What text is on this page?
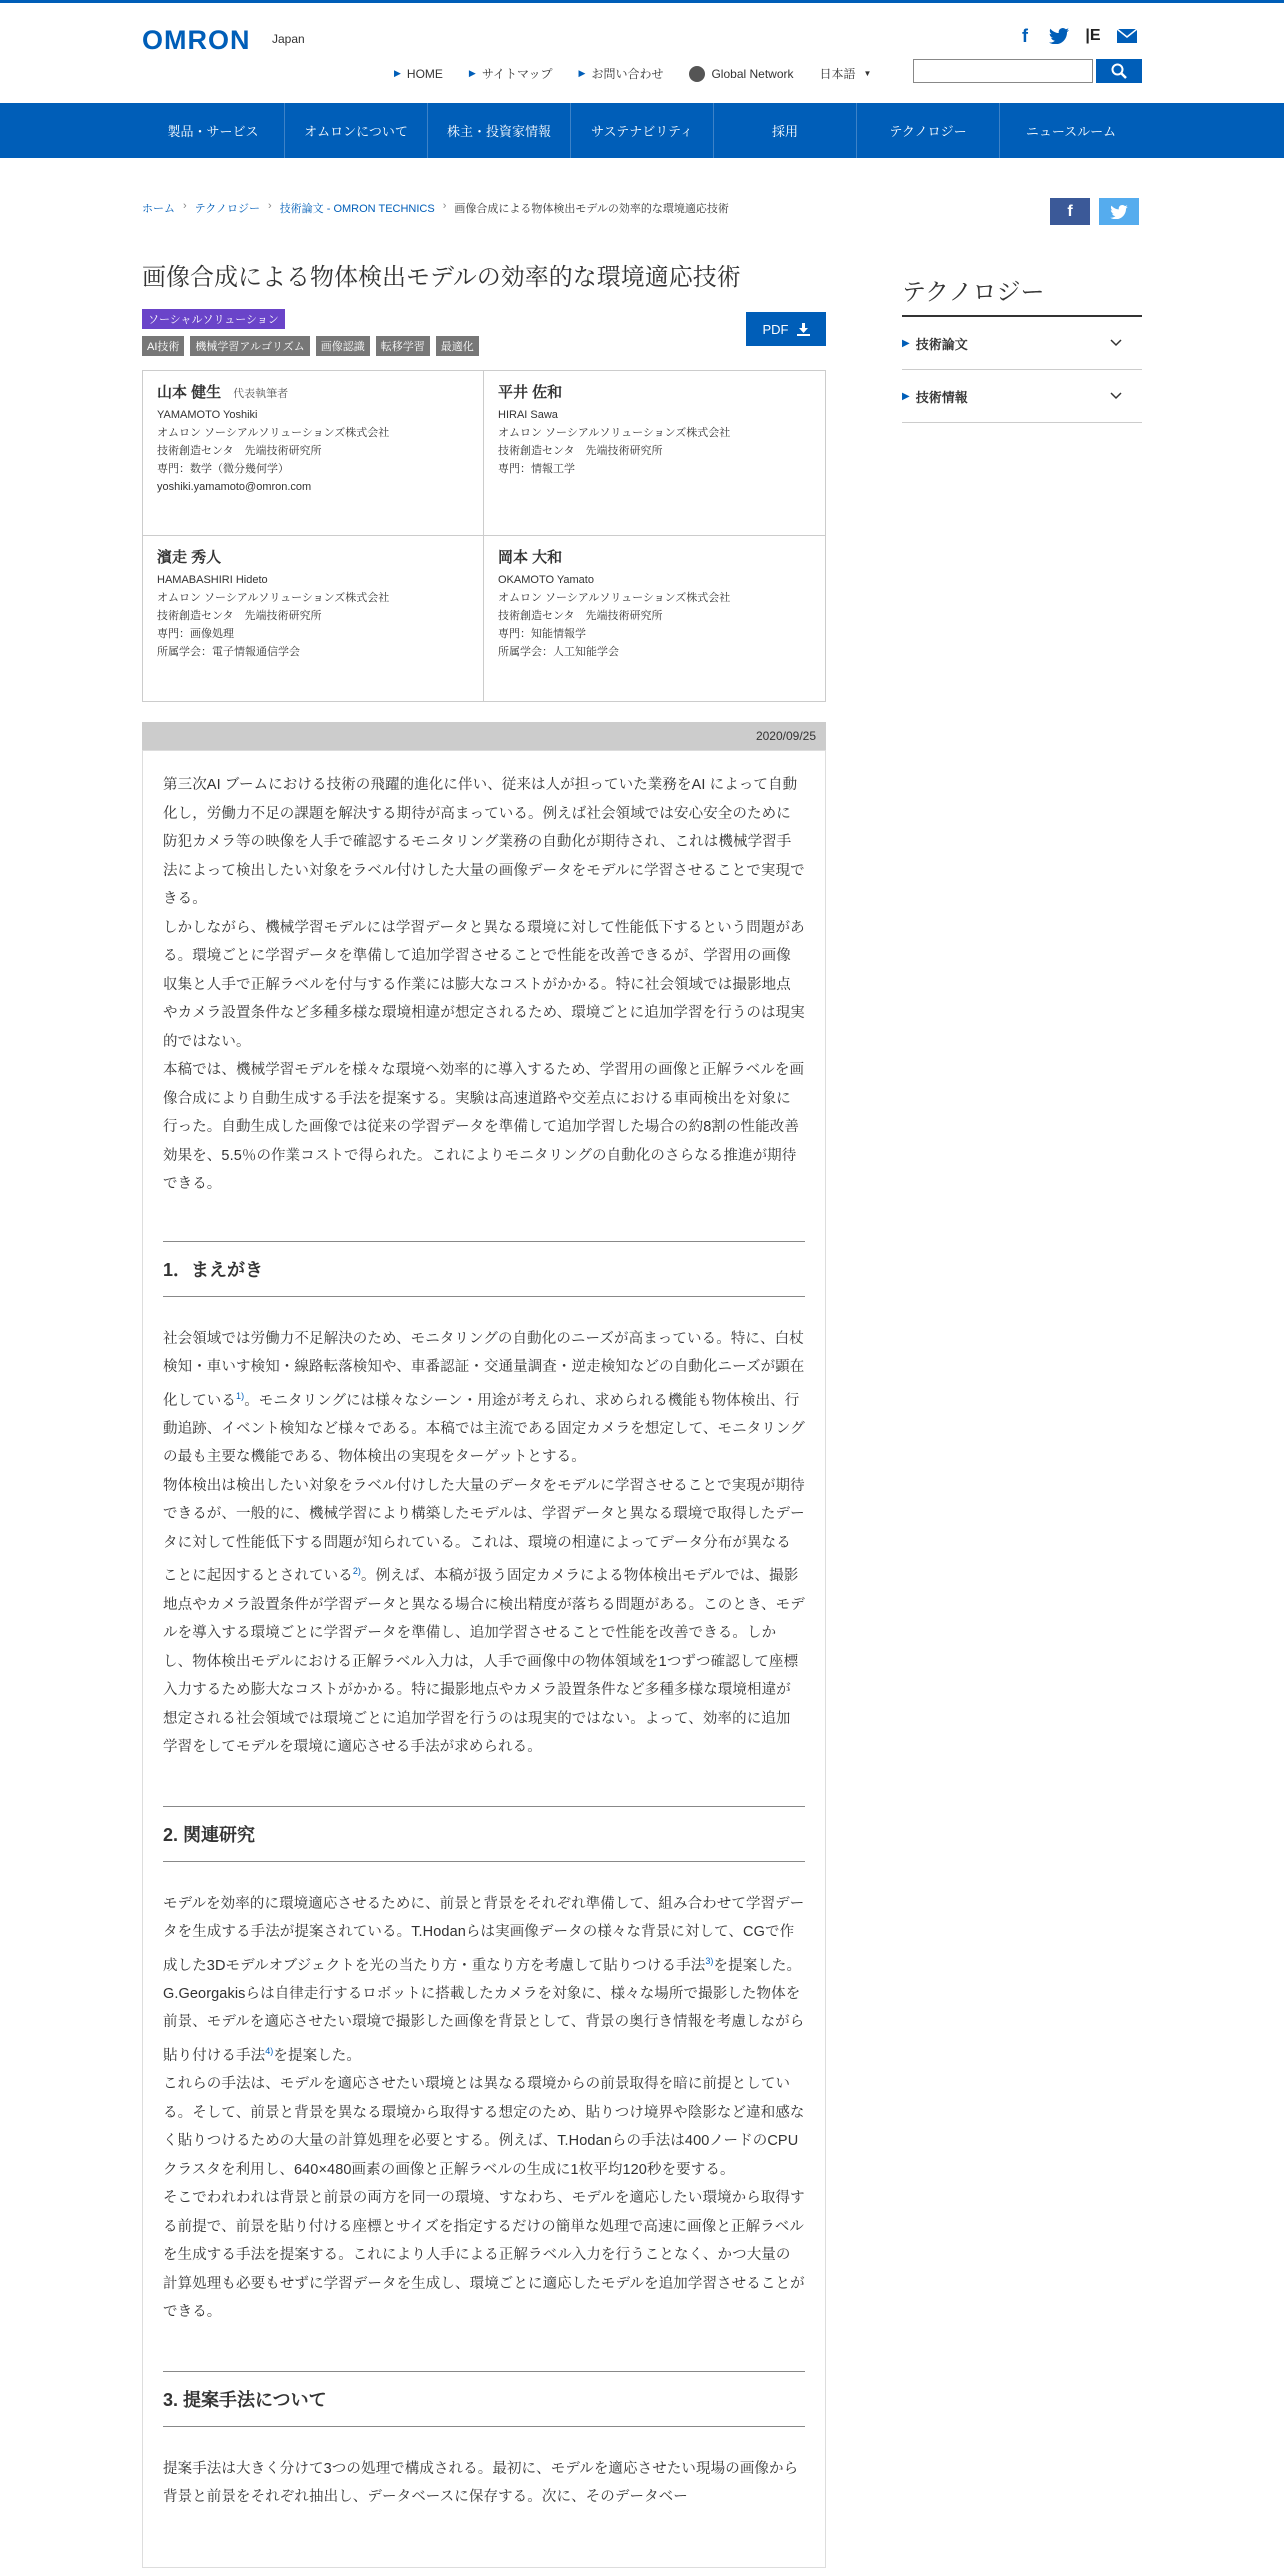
OMRON Japan	f	|E
▶ HOME	▶ サイトマップ	▶ お問い合わせ	Global Network 日本語 ▼
製品・サービス	オムロンについて	株主・投資家情報	サステナビリティ	採用	テクノロジー	ニュースルーム
ホーム › テクノロジー › 技術論文 - OMRON TECHNICS › 画像合成による物体検出モデルの効率的な環境適応技術	f
画像合成による物体検出モデルの効率的な環境適応技術
ソーシャルソリューション
AI技術	機械学習アルゴリズム	画像認識	転移学習	最適化
PDF
山本 健生 代表執筆者
YAMAMOTO Yoshiki
オムロン ソーシアルソリューションズ株式会社
技術創造センタ　先端技術研究所
専門：数学（微分幾何学）
yoshiki.yamamoto@omron.com
平井 佐和
HIRAI Sawa
オムロン ソーシアルソリューションズ株式会社
技術創造センタ　先端技術研究所
専門：情報工学
濱走 秀人
HAMABASHIRI Hideto
オムロン ソーシアルソリューションズ株式会社
技術創造センタ　先端技術研究所
専門：画像処理
所属学会：電子情報通信学会
岡本 大和
OKAMOTO Yamato
オムロン ソーシアルソリューションズ株式会社
技術創造センタ　先端技術研究所
専門：知能情報学
所属学会：人工知能学会
2020/09/25

第三次AI ブームにおける技術の飛躍的進化に伴い、従来は人が担っていた業務をAI によって自動化し，労働力不足の課題を解決する期待が高まっている。例えば社会領域では安心安全のために防犯カメラ等の映像を人手で確認するモニタリング業務の自動化が期待され、これは機械学習手法によって検出したい対象をラベル付けした大量の画像データをモデルに学習させることで実現できる。

しかしながら、機械学習モデルには学習データと異なる環境に対して性能低下するという問題がある。環境ごとに学習データを準備して追加学習させることで性能を改善できるが、学習用の画像収集と人手で正解ラベルを付与する作業には膨大なコストがかかる。特に社会領域では撮影地点やカメラ設置条件など多種多様な環境相違が想定されるため、環境ごとに追加学習を行うのは現実的ではない。

本稿では、機械学習モデルを様々な環境へ効率的に導入するため、学習用の画像と正解ラベルを画像合成により自動生成する手法を提案する。実験は高速道路や交差点における車両検出を対象に行った。自動生成した画像では従来の学習データを準備して追加学習した場合の約8割の性能改善効果を、5.5％の作業コストで得られた。これによりモニタリングの自動化のさらなる推進が期待できる。

1．まえがき

社会領域では労働力不足解決のため、モニタリングの自動化のニーズが高まっている。特に、白杖検知・車いす検知・線路転落検知や、車番認証・交通量調査・逆走検知などの自動化ニーズが顕在化している$^{1)}$。モニタリングには様々なシーン・用途が考えられ、求められる機能も物体検出、行動追跡、イベント検知など様々である。本稿では主流である固定カメラを想定して、モニタリングの最も主要な機能である、物体検出の実現をターゲットとする。

物体検出は検出したい対象をラベル付けした大量のデータをモデルに学習させることで実現が期待できるが、一般的に、機械学習により構築したモデルは、学習データと異なる環境で取得したデータに対して性能低下する問題が知られている。これは、環境の相違によってデータ分布が異なることに起因するとされている$^{2)}$。例えば、本稿が扱う固定カメラによる物体検出モデルでは、撮影地点やカメラ設置条件が学習データと異なる場合に検出精度が落ちる問題がある。このとき、モデルを導入する環境ごとに学習データを準備し、追加学習させることで性能を改善できる。しかし、物体検出モデルにおける正解ラベル入力は，人手で画像中の物体領域を1つずつ確認して座標入力するため膨大なコストがかかる。特に撮影地点やカメラ設置条件など多種多様な環境相違が想定される社会領域では環境ごとに追加学習を行うのは現実的ではない。よって、効率的に追加学習をしてモデルを環境に適応させる手法が求められる。

2. 関連研究

モデルを効率的に環境適応させるために、前景と背景をそれぞれ準備して、組み合わせて学習データを生成する手法が提案されている。T.Hodanらは実画像データの様々な背景に対して、CGで作成した3Dモデルオブジェクトを光の当たり方・重なり方を考慮して貼りつける手法$^{3)}$を提案した。G.Georgakisらは自律走行するロボットに搭載したカメラを対象に、様々な場所で撮影した物体を前景、モデルを適応させたい環境で撮影した画像を背景として、背景の奥行き情報を考慮しながら貼り付ける手法$^{4)}$を提案した。

これらの手法は、モデルを適応させたい環境とは異なる環境からの前景取得を暗に前提としている。そして、前景と背景を異なる環境から取得する想定のため、貼りつけ境界や陰影など違和感なく貼りつけるための大量の計算処理を必要とする。例えば、T.Hodanらの手法は400ノードのCPU クラスタを利用し、640×480画素の画像と正解ラベルの生成に1枚平均120秒を要する。

そこでわれわれは背景と前景の両方を同一の環境、すなわち、モデルを適応したい環境から取得する前提で、前景を貼り付ける座標とサイズを指定するだけの簡単な処理で高速に画像と正解ラベルを生成する手法を提案する。これにより人手による正解ラベル入力を行うことなく、かつ大量の計算処理も必要もせずに学習データを生成し、環境ごとに適応したモデルを追加学習させることができる。

3. 提案手法について

提案手法は大きく分けて3つの処理で構成される。最初に、モデルを適応させたい現場の画像から背景と前景をそれぞれ抽出し、データベースに保存する。次に、そのデータベー

テクノロジー
▶ 技術論文
▶ 技術情報
